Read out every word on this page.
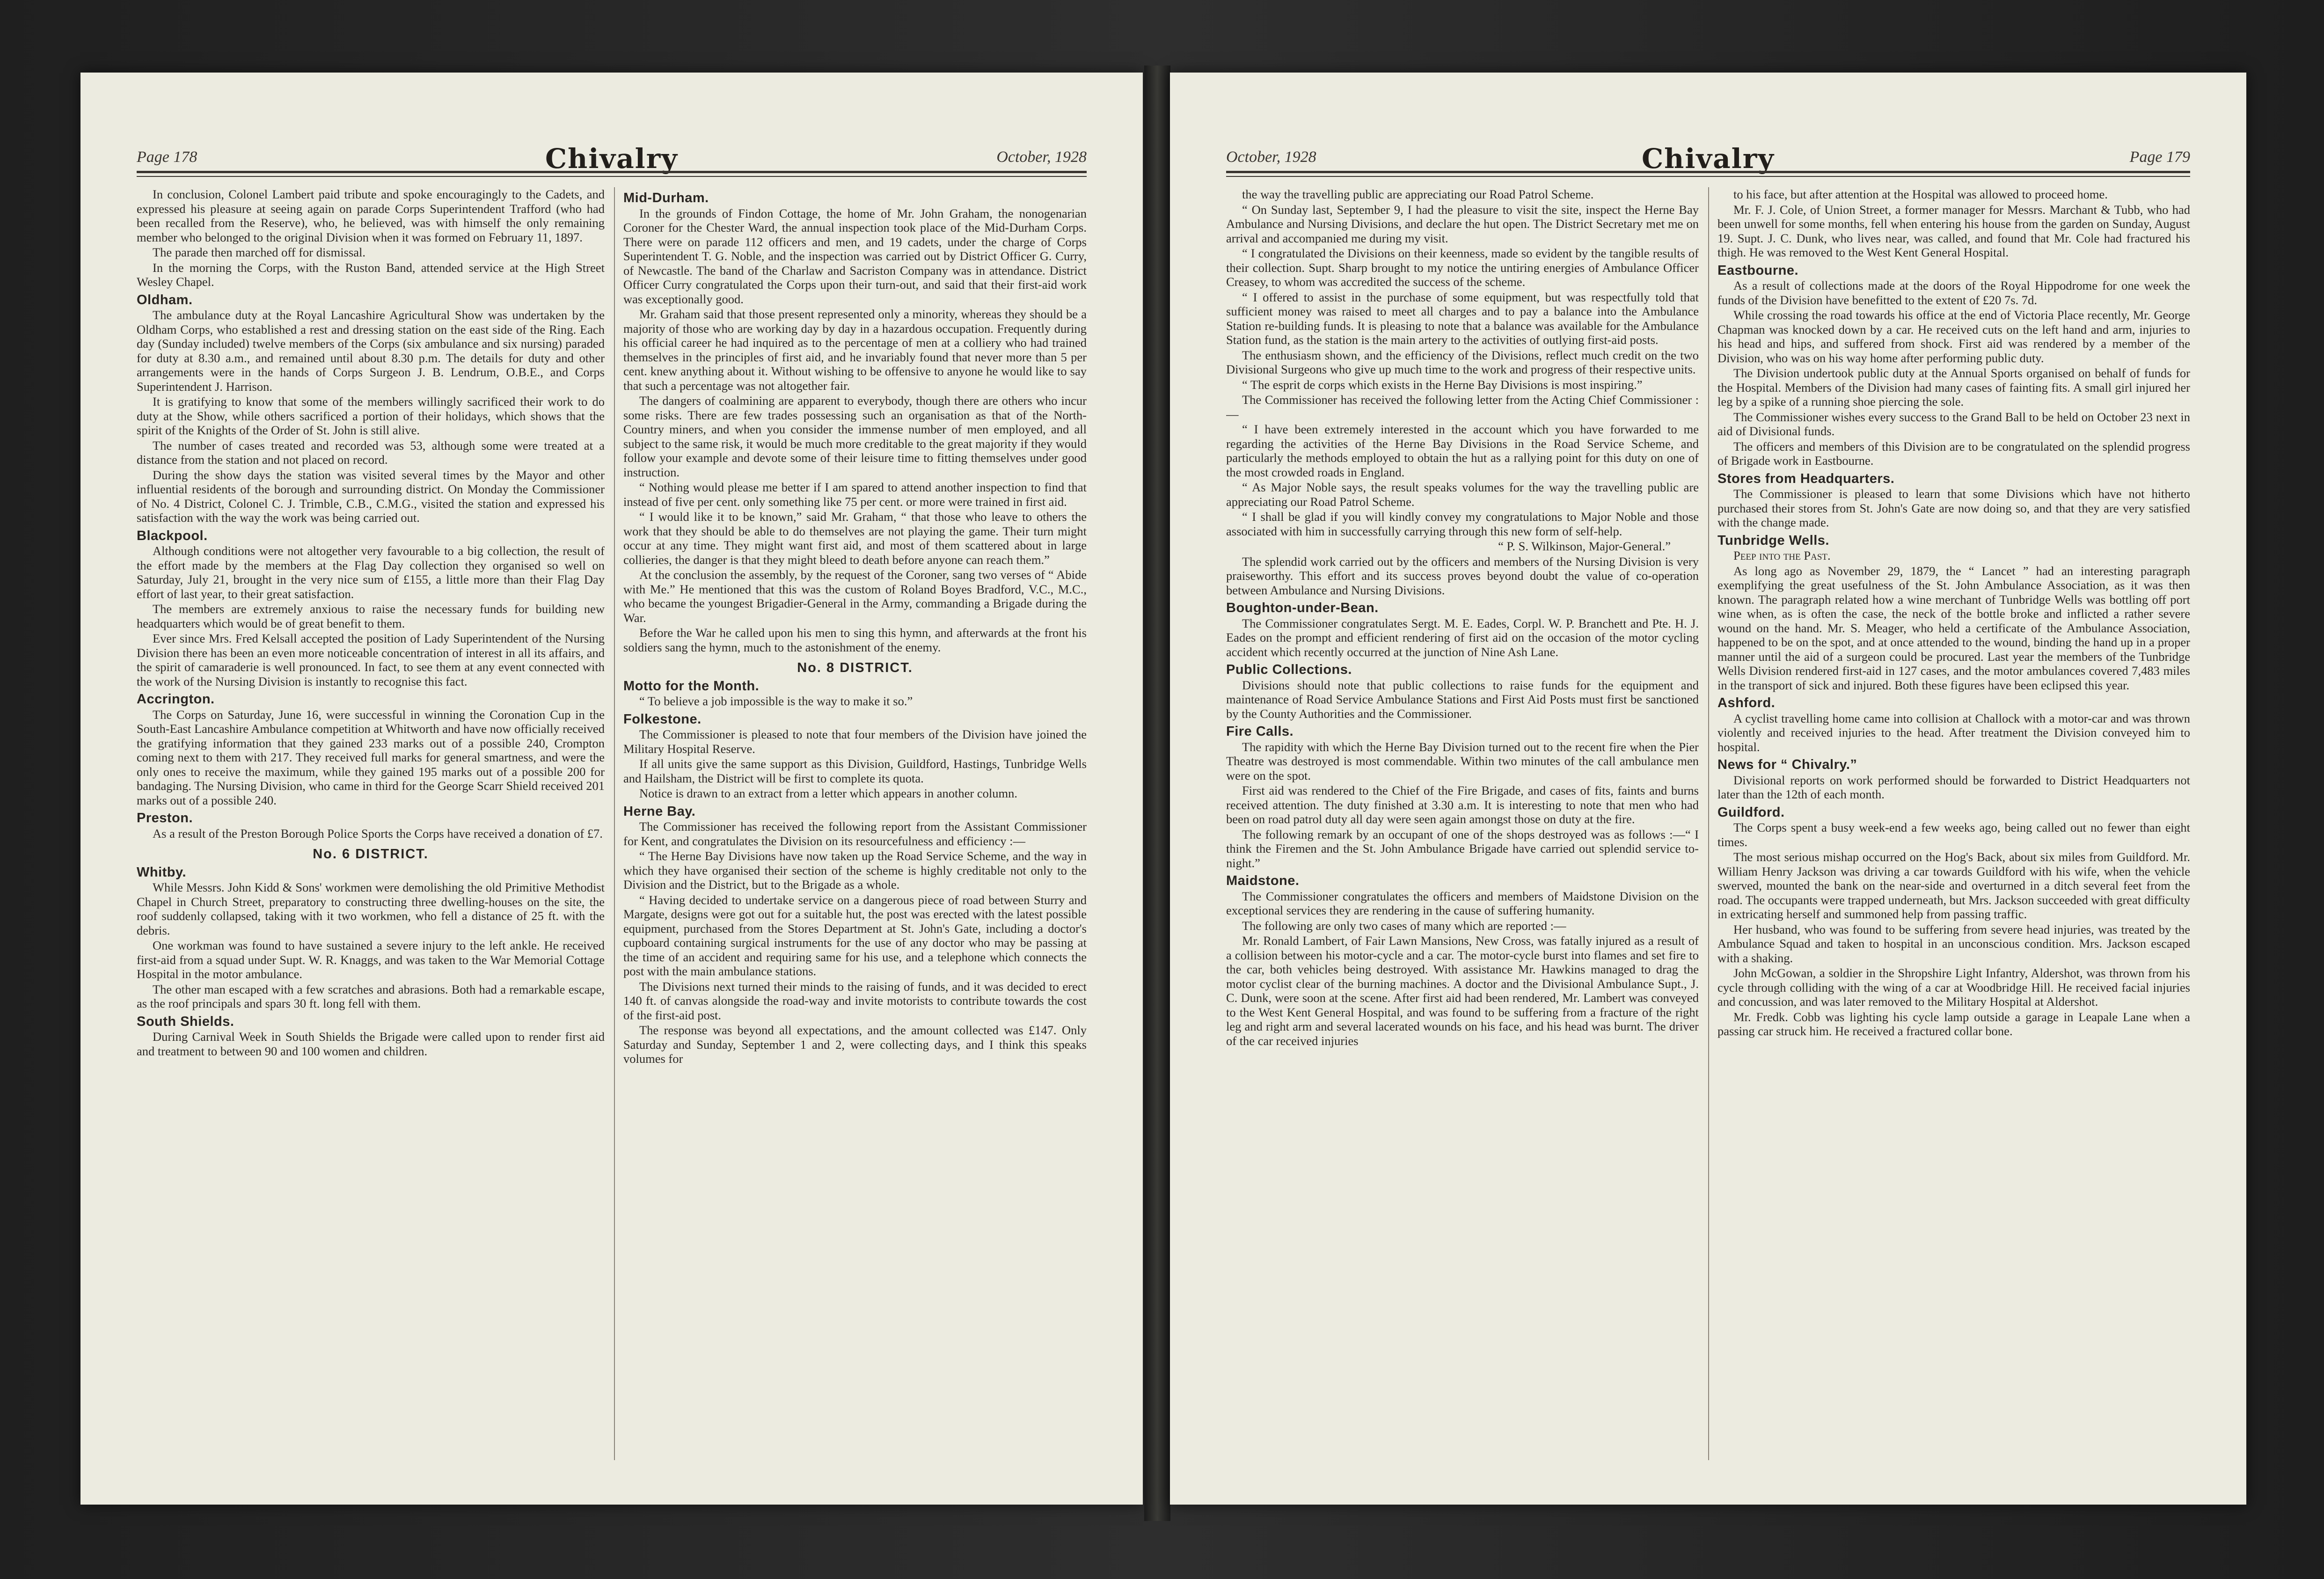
Page 178	Chivalry	October, 1928

In conclusion, Colonel Lambert paid tribute and spoke encouragingly to the Cadets, and expressed his pleasure at seeing again on parade Corps Superintendent Trafford (who had been recalled from the Reserve), who, he believed, was with himself the only remaining member who belonged to the original Division when it was formed on February 11, 1897.

The parade then marched off for dismissal.

In the morning the Corps, with the Ruston Band, attended service at the High Street Wesley Chapel.

Oldham.

The ambulance duty at the Royal Lancashire Agricultural Show was undertaken by the Oldham Corps, who established a rest and dressing station on the east side of the Ring. Each day (Sunday included) twelve members of the Corps (six ambulance and six nursing) paraded for duty at 8.30 a.m., and remained until about 8.30 p.m. The details for duty and other arrangements were in the hands of Corps Surgeon J. B. Lendrum, O.B.E., and Corps Superintendent J. Harrison.

It is gratifying to know that some of the members willingly sacrificed their work to do duty at the Show, while others sacrificed a portion of their holidays, which shows that the spirit of the Knights of the Order of St. John is still alive.

The number of cases treated and recorded was 53, although some were treated at a distance from the station and not placed on record.

During the show days the station was visited several times by the Mayor and other influential residents of the borough and surrounding district. On Monday the Commissioner of No. 4 District, Colonel C. J. Trimble, C.B., C.M.G., visited the station and expressed his satisfaction with the way the work was being carried out.

Blackpool.

Although conditions were not altogether very favourable to a big collection, the result of the effort made by the members at the Flag Day collection they organised so well on Saturday, July 21, brought in the very nice sum of £155, a little more than their Flag Day effort of last year, to their great satisfaction.

The members are extremely anxious to raise the necessary funds for building new headquarters which would be of great benefit to them.

Ever since Mrs. Fred Kelsall accepted the position of Lady Superintendent of the Nursing Division there has been an even more noticeable concentration of interest in all its affairs, and the spirit of camaraderie is well pronounced. In fact, to see them at any event connected with the work of the Nursing Division is instantly to recognise this fact.

Accrington.

The Corps on Saturday, June 16, were successful in winning the Coronation Cup in the South-East Lancashire Ambulance competition at Whitworth and have now officially received the gratifying information that they gained 233 marks out of a possible 240, Crompton coming next to them with 217. They received full marks for general smartness, and were the only ones to receive the maximum, while they gained 195 marks out of a possible 200 for bandaging. The Nursing Division, who came in third for the George Scarr Shield received 201 marks out of a possible 240.

Preston.

As a result of the Preston Borough Police Sports the Corps have received a donation of £7.

No. 6 DISTRICT.
Whitby.

While Messrs. John Kidd & Sons' workmen were demolishing the old Primitive Methodist Chapel in Church Street, preparatory to constructing three dwelling-houses on the site, the roof suddenly collapsed, taking with it two workmen, who fell a distance of 25 ft. with the debris.

One workman was found to have sustained a severe injury to the left ankle. He received first-aid from a squad under Supt. W. R. Knaggs, and was taken to the War Memorial Cottage Hospital in the motor ambulance.

The other man escaped with a few scratches and abrasions. Both had a remarkable escape, as the roof principals and spars 30 ft. long fell with them.

South Shields.

During Carnival Week in South Shields the Brigade were called upon to render first aid and treatment to between 90 and 100 women and children.

Mid-Durham.

In the grounds of Findon Cottage, the home of Mr. John Graham, the nonogenarian Coroner for the Chester Ward, the annual inspection took place of the Mid-Durham Corps. There were on parade 112 officers and men, and 19 cadets, under the charge of Corps Superintendent T. G. Noble, and the inspection was carried out by District Officer G. Curry, of Newcastle. The band of the Charlaw and Sacriston Company was in attendance. District Officer Curry congratulated the Corps upon their turn-out, and said that their first-aid work was exceptionally good.

Mr. Graham said that those present represented only a minority, whereas they should be a majority of those who are working day by day in a hazardous occupation. Frequently during his official career he had inquired as to the percentage of men at a colliery who had trained themselves in the principles of first aid, and he invariably found that never more than 5 per cent. knew anything about it. Without wishing to be offensive to anyone he would like to say that such a percentage was not altogether fair.

The dangers of coalmining are apparent to everybody, though there are others who incur some risks. There are few trades possessing such an organisation as that of the North-Country miners, and when you consider the immense number of men employed, and all subject to the same risk, it would be much more creditable to the great majority if they would follow your example and devote some of their leisure time to fitting themselves under good instruction.

“ Nothing would please me better if I am spared to attend another inspection to find that instead of five per cent. only something like 75 per cent. or more were trained in first aid.

“ I would like it to be known,” said Mr. Graham, “ that those who leave to others the work that they should be able to do themselves are not playing the game. Their turn might occur at any time. They might want first aid, and most of them scattered about in large collieries, the danger is that they might bleed to death before anyone can reach them.”

At the conclusion the assembly, by the request of the Coroner, sang two verses of “ Abide with Me.” He mentioned that this was the custom of Roland Boyes Bradford, V.C., M.C., who became the youngest Brigadier-General in the Army, commanding a Brigade during the War.

Before the War he called upon his men to sing this hymn, and afterwards at the front his soldiers sang the hymn, much to the astonishment of the enemy.

No. 8 DISTRICT.
Motto for the Month.

“ To believe a job impossible is the way to make it so.”

Folkestone.

The Commissioner is pleased to note that four members of the Division have joined the Military Hospital Reserve.

If all units give the same support as this Division, Guildford, Hastings, Tunbridge Wells and Hailsham, the District will be first to complete its quota.

Notice is drawn to an extract from a letter which appears in another column.

Herne Bay.

The Commissioner has received the following report from the Assistant Commissioner for Kent, and congratulates the Division on its resourcefulness and efficiency :—

“ The Herne Bay Divisions have now taken up the Road Service Scheme, and the way in which they have organised their section of the scheme is highly creditable not only to the Division and the District, but to the Brigade as a whole.

“ Having decided to undertake service on a dangerous piece of road between Sturry and Margate, designs were got out for a suitable hut, the post was erected with the latest possible equipment, purchased from the Stores Department at St. John's Gate, including a doctor's cupboard containing surgical instruments for the use of any doctor who may be passing at the time of an accident and requiring same for his use, and a telephone which connects the post with the main ambulance stations.

The Divisions next turned their minds to the raising of funds, and it was decided to erect 140 ft. of canvas alongside the road-way and invite motorists to contribute towards the cost of the first-aid post.

The response was beyond all expectations, and the amount collected was £147. Only Saturday and Sunday, September 1 and 2, were collecting days, and I think this speaks volumes for

October, 1928	Chivalry	Page 179

the way the travelling public are appreciating our Road Patrol Scheme.

“ On Sunday last, September 9, I had the pleasure to visit the site, inspect the Herne Bay Ambulance and Nursing Divisions, and declare the hut open. The District Secretary met me on arrival and accompanied me during my visit.

“ I congratulated the Divisions on their keenness, made so evident by the tangible results of their collection. Supt. Sharp brought to my notice the untiring energies of Ambulance Officer Creasey, to whom was accredited the success of the scheme.

“ I offered to assist in the purchase of some equipment, but was respectfully told that sufficient money was raised to meet all charges and to pay a balance into the Ambulance Station re-building funds. It is pleasing to note that a balance was available for the Ambulance Station fund, as the station is the main artery to the activities of outlying first-aid posts.

The enthusiasm shown, and the efficiency of the Divisions, reflect much credit on the two Divisional Surgeons who give up much time to the work and progress of their respective units.

“ The esprit de corps which exists in the Herne Bay Divisions is most inspiring.”

The Commissioner has received the following letter from the Acting Chief Commissioner :—

“ I have been extremely interested in the account which you have forwarded to me regarding the activities of the Herne Bay Divisions in the Road Service Scheme, and particularly the methods employed to obtain the hut as a rallying point for this duty on one of the most crowded roads in England.

“ As Major Noble says, the result speaks volumes for the way the travelling public are appreciating our Road Patrol Scheme.

“ I shall be glad if you will kindly convey my congratulations to Major Noble and those associated with him in successfully carrying through this new form of self-help.

“ P. S. Wilkinson, Major-General.”

The splendid work carried out by the officers and members of the Nursing Division is very praiseworthy. This effort and its success proves beyond doubt the value of co-operation between Ambulance and Nursing Divisions.

Boughton-under-Bean.

The Commissioner congratulates Sergt. M. E. Eades, Corpl. W. P. Branchett and Pte. H. J. Eades on the prompt and efficient rendering of first aid on the occasion of the motor cycling accident which recently occurred at the junction of Nine Ash Lane.

Public Collections.

Divisions should note that public collections to raise funds for the equipment and maintenance of Road Service Ambulance Stations and First Aid Posts must first be sanctioned by the County Authorities and the Commissioner.

Fire Calls.

The rapidity with which the Herne Bay Division turned out to the recent fire when the Pier Theatre was destroyed is most commendable. Within two minutes of the call ambulance men were on the spot.

First aid was rendered to the Chief of the Fire Brigade, and cases of fits, faints and burns received attention. The duty finished at 3.30 a.m. It is interesting to note that men who had been on road patrol duty all day were seen again amongst those on duty at the fire.

The following remark by an occupant of one of the shops destroyed was as follows :—“ I think the Firemen and the St. John Ambulance Brigade have carried out splendid service to-night.”

Maidstone.

The Commissioner congratulates the officers and members of Maidstone Division on the exceptional services they are rendering in the cause of suffering humanity.

The following are only two cases of many which are reported :—

Mr. Ronald Lambert, of Fair Lawn Mansions, New Cross, was fatally injured as a result of a collision between his motor-cycle and a car. The motor-cycle burst into flames and set fire to the car, both vehicles being destroyed. With assistance Mr. Hawkins managed to drag the motor cyclist clear of the burning machines. A doctor and the Divisional Ambulance Supt., J. C. Dunk, were soon at the scene. After first aid had been rendered, Mr. Lambert was conveyed to the West Kent General Hospital, and was found to be suffering from a fracture of the right leg and right arm and several lacerated wounds on his face, and his head was burnt. The driver of the car received injuries

to his face, but after attention at the Hospital was allowed to proceed home.

Mr. F. J. Cole, of Union Street, a former manager for Messrs. Marchant & Tubb, who had been unwell for some months, fell when entering his house from the garden on Sunday, August 19. Supt. J. C. Dunk, who lives near, was called, and found that Mr. Cole had fractured his thigh. He was removed to the West Kent General Hospital.

Eastbourne.

As a result of collections made at the doors of the Royal Hippodrome for one week the funds of the Division have benefitted to the extent of £20 7s. 7d.

While crossing the road towards his office at the end of Victoria Place recently, Mr. George Chapman was knocked down by a car. He received cuts on the left hand and arm, injuries to his head and hips, and suffered from shock. First aid was rendered by a member of the Division, who was on his way home after performing public duty.

The Division undertook public duty at the Annual Sports organised on behalf of funds for the Hospital. Members of the Division had many cases of fainting fits. A small girl injured her leg by a spike of a running shoe piercing the sole.

The Commissioner wishes every success to the Grand Ball to be held on October 23 next in aid of Divisional funds.

The officers and members of this Division are to be congratulated on the splendid progress of Brigade work in Eastbourne.

Stores from Headquarters.

The Commissioner is pleased to learn that some Divisions which have not hitherto purchased their stores from St. John's Gate are now doing so, and that they are very satisfied with the change made.

Tunbridge Wells.

Peep into the Past.

As long ago as November 29, 1879, the “ Lancet ” had an interesting paragraph exemplifying the great usefulness of the St. John Ambulance Association, as it was then known. The paragraph related how a wine merchant of Tunbridge Wells was bottling off port wine when, as is often the case, the neck of the bottle broke and inflicted a rather severe wound on the hand. Mr. S. Meager, who held a certificate of the Ambulance Association, happened to be on the spot, and at once attended to the wound, binding the hand up in a proper manner until the aid of a surgeon could be procured. Last year the members of the Tunbridge Wells Division rendered first-aid in 127 cases, and the motor ambulances covered 7,483 miles in the transport of sick and injured. Both these figures have been eclipsed this year.

Ashford.

A cyclist travelling home came into collision at Challock with a motor-car and was thrown violently and received injuries to the head. After treatment the Division conveyed him to hospital.

News for “ Chivalry.”

Divisional reports on work performed should be forwarded to District Headquarters not later than the 12th of each month.

Guildford.

The Corps spent a busy week-end a few weeks ago, being called out no fewer than eight times.

The most serious mishap occurred on the Hog's Back, about six miles from Guildford. Mr. William Henry Jackson was driving a car towards Guildford with his wife, when the vehicle swerved, mounted the bank on the near-side and overturned in a ditch several feet from the road. The occupants were trapped underneath, but Mrs. Jackson succeeded with great difficulty in extricating herself and summoned help from passing traffic.

Her husband, who was found to be suffering from severe head injuries, was treated by the Ambulance Squad and taken to hospital in an unconscious condition. Mrs. Jackson escaped with a shaking.

John McGowan, a soldier in the Shropshire Light Infantry, Aldershot, was thrown from his cycle through colliding with the wing of a car at Woodbridge Hill. He received facial injuries and concussion, and was later removed to the Military Hospital at Aldershot.

Mr. Fredk. Cobb was lighting his cycle lamp outside a garage in Leapale Lane when a passing car struck him. He received a fractured collar bone.
